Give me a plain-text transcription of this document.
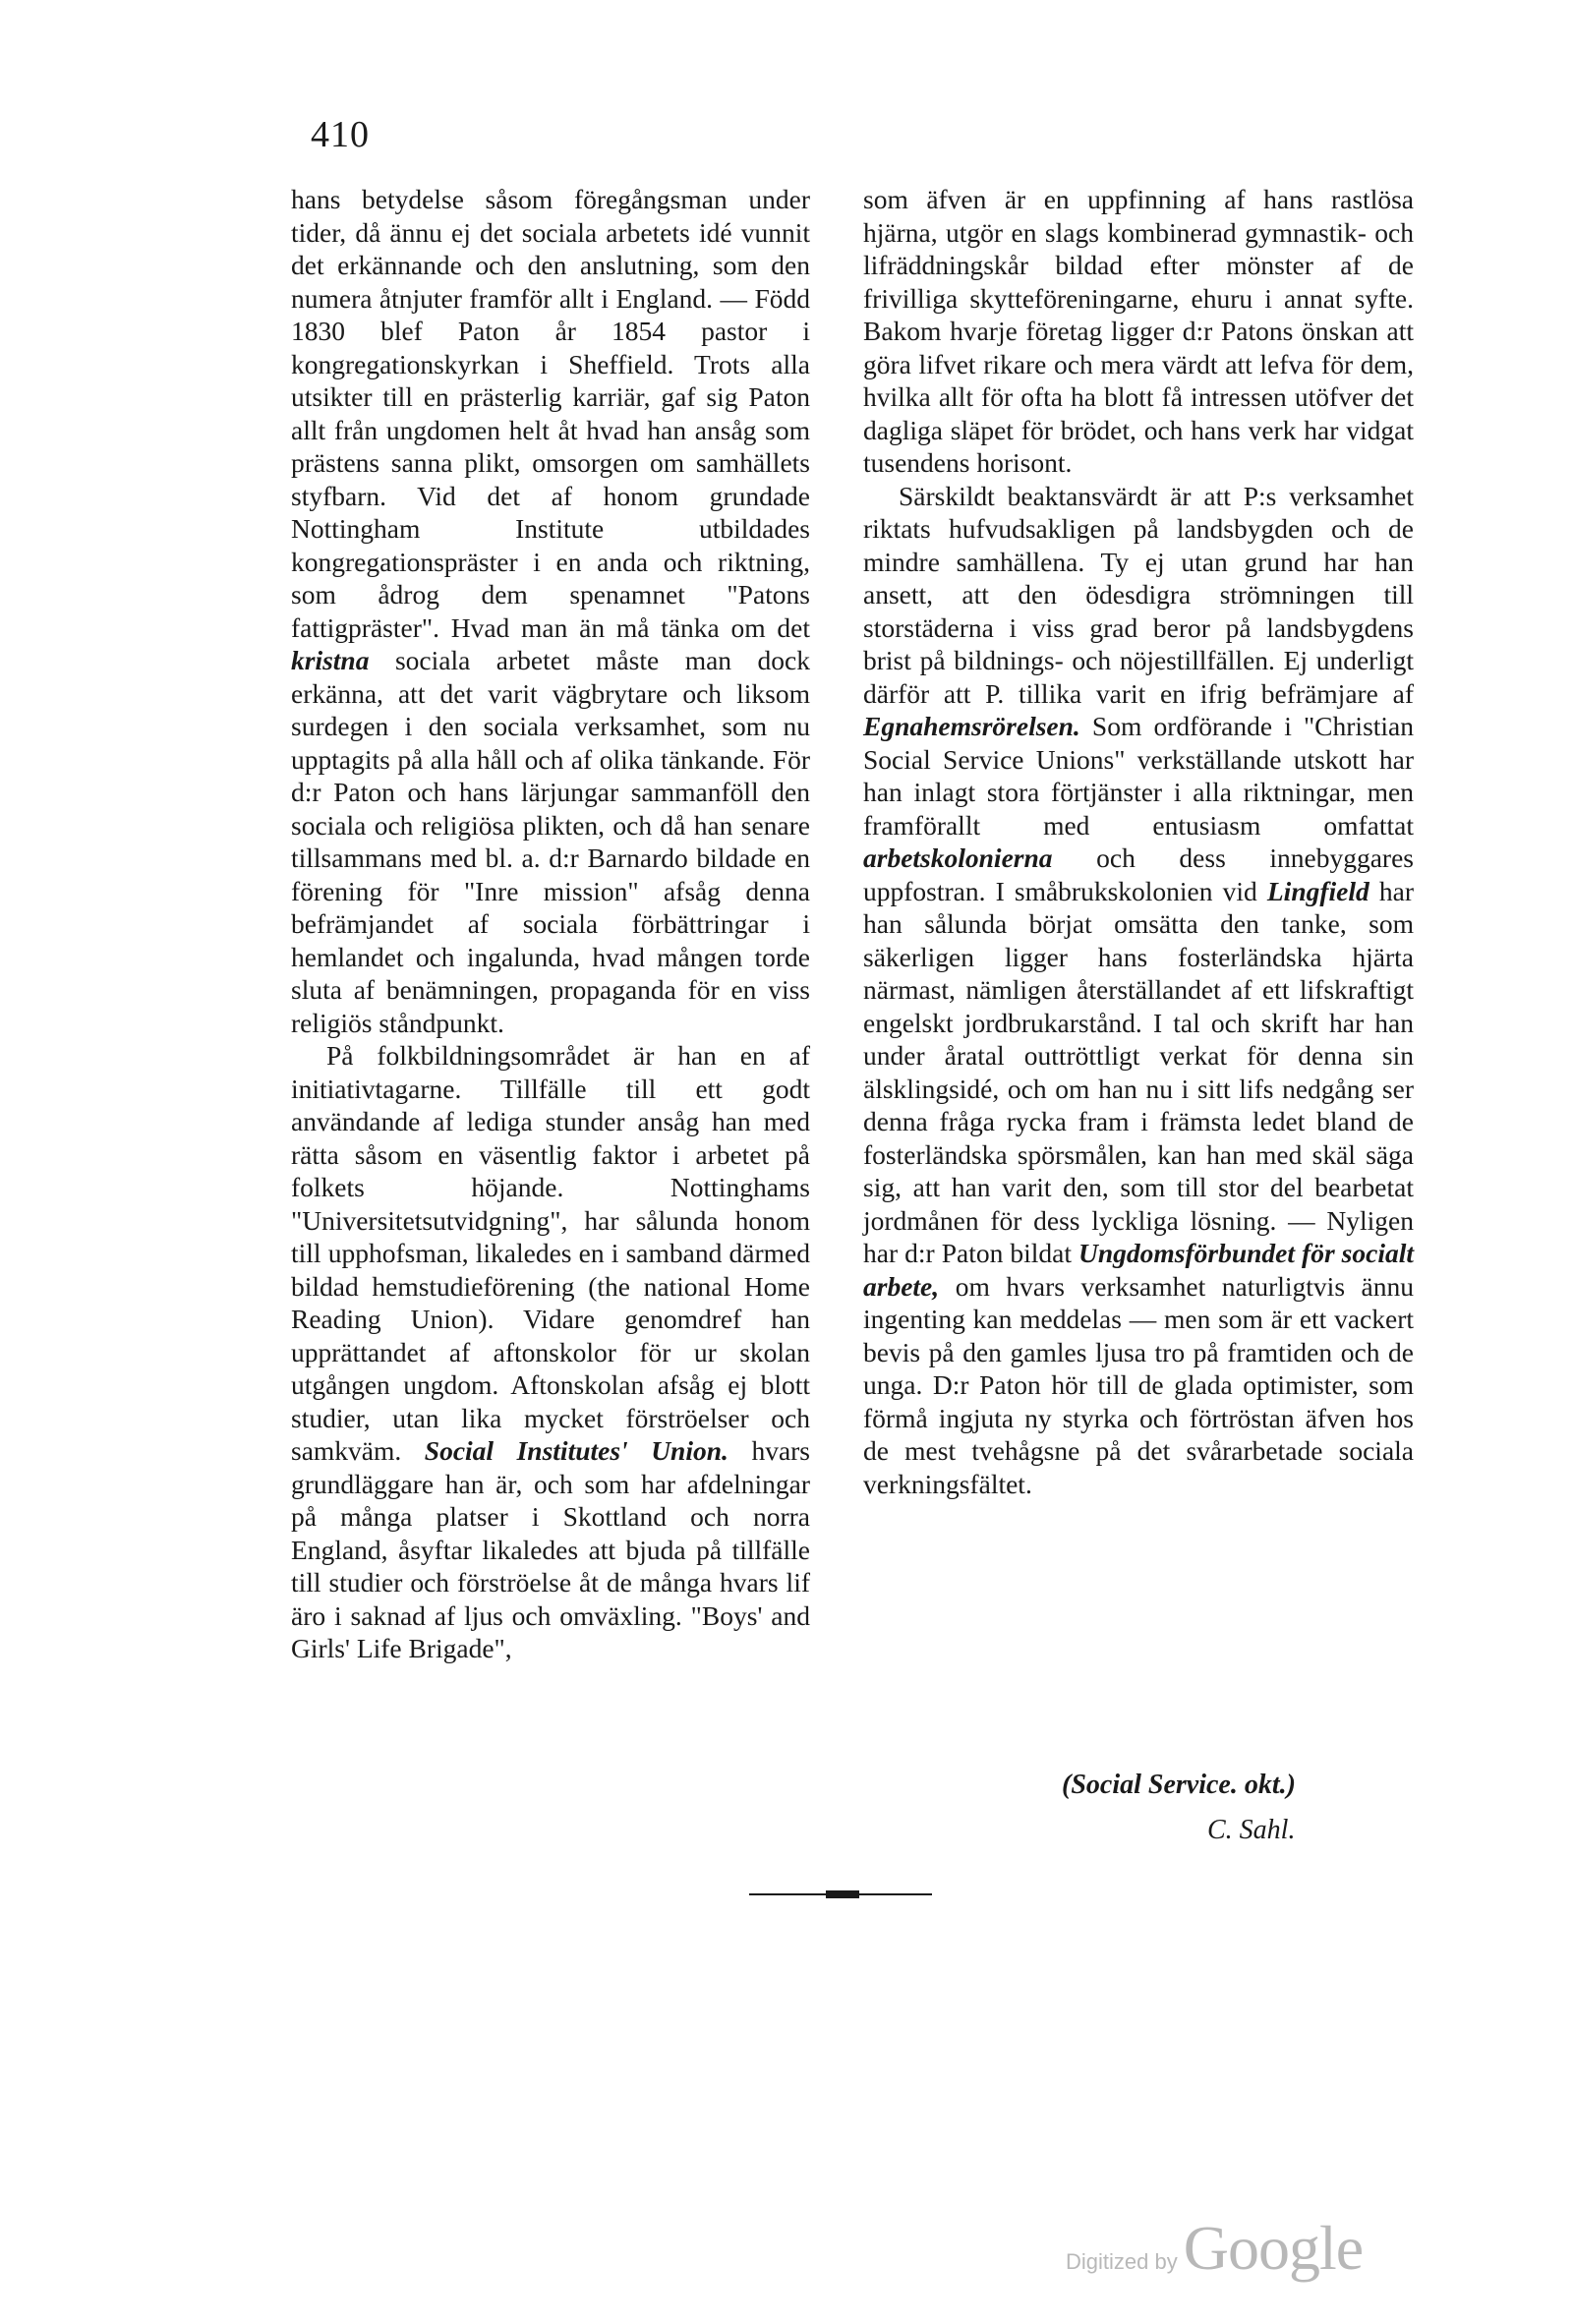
410

hans betydelse såsom föregångsman under tider, då ännu ej det sociala arbetets idé vunnit det erkännande och den anslutning, som den numera åtnjuter framför allt i England. — Född 1830 blef Paton år 1854 pastor i kongregationskyrkan i Sheffield. Trots alla utsikter till en prästerlig karriär, gaf sig Paton allt från ungdomen helt åt hvad han ansåg som prästens sanna plikt, omsorgen om samhällets styfbarn. Vid det af honom grundade Nottingham Institute utbildades kongregationspräster i en anda och riktning, som ådrog dem spenamnet "Patons fattigpräster". Hvad man än må tänka om det kristna sociala arbetet måste man dock erkänna, att det varit vägbrytare och liksom surdegen i den sociala verksamhet, som nu upptagits på alla håll och af olika tänkande. För d:r Paton och hans lärjungar sammanföll den sociala och religiösa plikten, och då han senare tillsammans med bl. a. d:r Barnardo bildade en förening för "Inre mission" afsåg denna befrämjandet af sociala förbättringar i hemlandet och ingalunda, hvad mången torde sluta af benämningen, propaganda för en viss religiös ståndpunkt.

På folkbildningsområdet är han en af initiativtagarne. Tillfälle till ett godt användande af lediga stunder ansåg han med rätta såsom en väsentlig faktor i arbetet på folkets höjande. Nottinghams "Universitetsutvidgning", har sålunda honom till upphofsman, likaledes en i samband därmed bildad hemstudieförening (the national Home Reading Union). Vidare genomdref han upprättandet af aftonskolor för ur skolan utgången ungdom. Aftonskolan afsåg ej blott studier, utan lika mycket förströelser och samkväm. Social Institutes' Union. hvars grundläggare han är, och som har afdelningar på många platser i Skottland och norra England, åsyftar likaledes att bjuda på tillfälle till studier och förströelse åt de många hvars lif äro i saknad af ljus och omväxling. "Boys' and Girls' Life Brigade",

som äfven är en uppfinning af hans rastlösa hjärna, utgör en slags kombinerad gymnastik- och lifräddningskår bildad efter mönster af de frivilliga skytteföreningarne, ehuru i annat syfte. Bakom hvarje företag ligger d:r Patons önskan att göra lifvet rikare och mera värdt att lefva för dem, hvilka allt för ofta ha blott få intressen utöfver det dagliga släpet för brödet, och hans verk har vidgat tusendens horisont.

Särskildt beaktansvärdt är att P:s verksamhet riktats hufvudsakligen på landsbygden och de mindre samhällena. Ty ej utan grund har han ansett, att den ödesdigra strömningen till storstäderna i viss grad beror på landsbygdens brist på bildnings- och nöjestillfällen. Ej underligt därför att P. tillika varit en ifrig befrämjare af Egnahemsrörelsen. Som ordförande i "Christian Social Service Unions" verkställande utskott har han inlagt stora förtjänster i alla riktningar, men framförallt med entusiasm omfattat arbetskolonierna och dess innebyggares uppfostran. I småbrukskolonien vid Lingfield har han sålunda börjat omsätta den tanke, som säkerligen ligger hans fosterländska hjärta närmast, nämligen återställandet af ett lifskraftigt engelskt jordbrukarstånd. I tal och skrift har han under åratal outtröttligt verkat för denna sin älsklingsidé, och om han nu i sitt lifs nedgång ser denna fråga rycka fram i främsta ledet bland de fosterländska spörsmålen, kan han med skäl säga sig, att han varit den, som till stor del bearbetat jordmånen för dess lyckliga lösning. — Nyligen har d:r Paton bildat Ungdomsförbundet för socialt arbete, om hvars verksamhet naturligtvis ännu ingenting kan meddelas — men som är ett vackert bevis på den gamles ljusa tro på framtiden och de unga. D:r Paton hör till de glada optimister, som förmå ingjuta ny styrka och förtröstan äfven hos de mest tvehågsne på det svårarbetade sociala verkningsfältet.

(Social Service. okt.)
C. Sahl.
Digitized byGoogle
